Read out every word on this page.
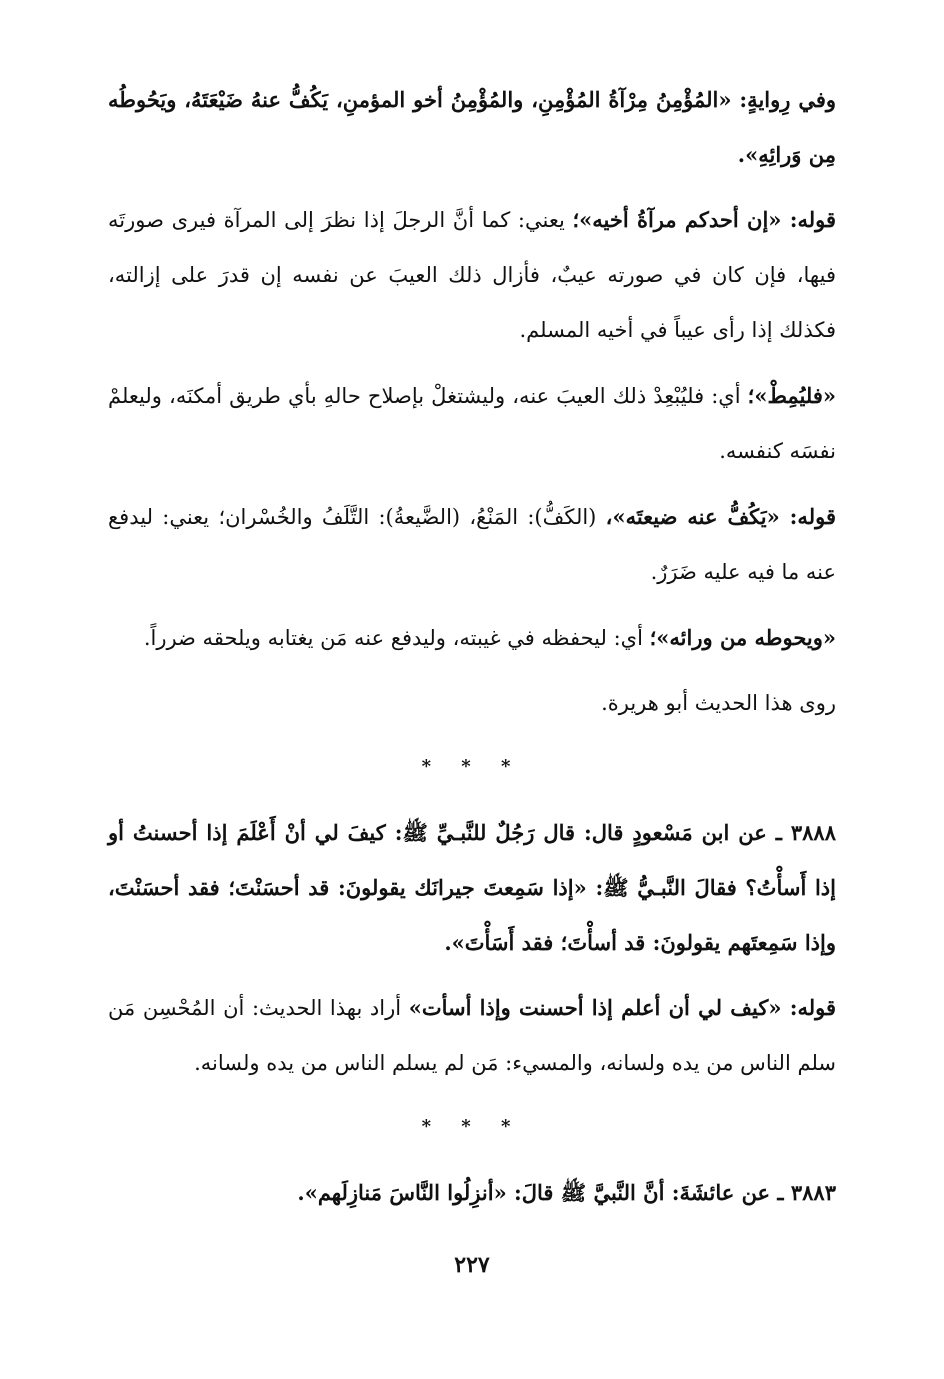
وفي رِوايةٍ: «المُؤْمِنُ مِرْآةُ المُؤْمِنِ، والمُؤْمِنُ أخو المؤمنِ، يَكُفُّ عنهُ ضَيْعَتَهُ، ويَحُوطُه مِن وَرائِهِ».

قوله: «إن أحدكم مرآةُ أخيه»؛ يعني: كما أنَّ الرجلَ إذا نظرَ إلى المرآة فيرى صورتَه فيها، فإن كان في صورته عيبٌ، فأزال ذلك العيبَ عن نفسه إن قدرَ على إزالته، فكذلك إذا رأى عيباً في أخيه المسلم.

«فليُمِطْ»؛ أي: فليُبْعِدْ ذلك العيبَ عنه، وليشتغلْ بإصلاح حالهِ بأي طريق أمكنَه، وليعلمْ نفسَه كنفسه.

قوله: «يَكُفُّ عنه ضيعتَه»، (الكَفُّ): المَنْعُ، (الضَّيعةُ): التَّلَفُ والخُسْران؛ يعني: ليدفع عنه ما فيه عليه ضَرَرٌ.

«ويحوطه من ورائه»؛ أي: ليحفظه في غيبته، وليدفع عنه مَن يغتابه ويلحقه ضرراً.

روى هذا الحديث أبو هريرة.

* * *

٣٨٨٨ ـ عن ابن مَسْعودٍ قال: قال رَجُلٌ للنَّبـيِّ ﷺ: كيفَ لي أنْ أَعْلَمَ إذا أحسنتُ أو إذا أَسأْتُ؟ فقالَ النَّبـيُّ ﷺ: «إذا سَمِعتَ جيرانَك يقولونَ: قد أحسَنْتَ؛ فقد أحسَنْتَ، وإذا سَمِعتَهم يقولونَ: قد أسأْتَ؛ فقد أَسَأْتَ».

قوله: «كيف لي أن أعلم إذا أحسنت وإذا أسأت» أراد بهذا الحديث: أن المُحْسِن مَن سلم الناس من يده ولسانه، والمسيء: مَن لم يسلم الناس من يده ولسانه.

* * *

٣٨٨٣ ـ عن عائشَةَ: أنَّ النَّبيَّ ﷺ قالَ: «أنزِلُوا النَّاسَ مَنازِلَهم».

٢٢٧
